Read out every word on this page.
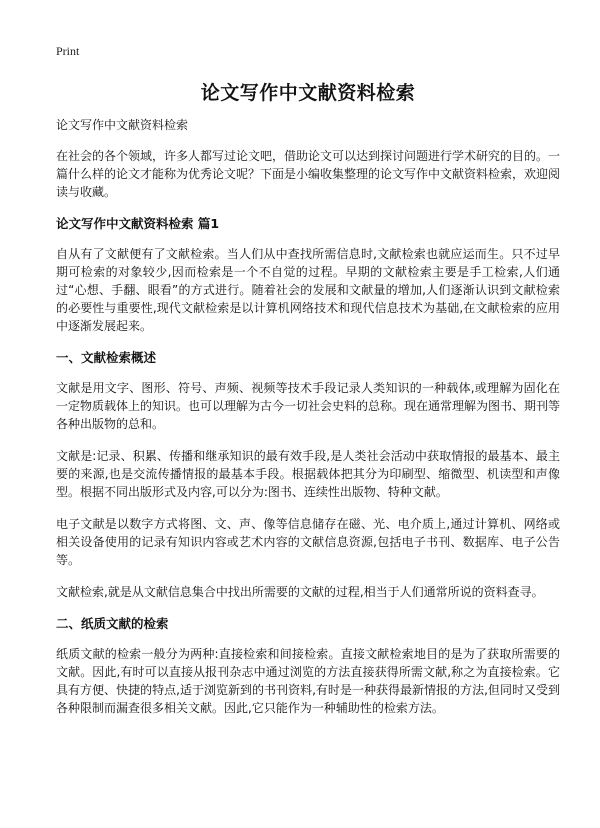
Print
论文写作中文献资料检索
论文写作中文献资料检索
在社会的各个领域，许多人都写过论文吧，借助论文可以达到探讨问题进行学术研究的目的。一篇什么样的论文才能称为优秀论文呢？下面是小编收集整理的论文写作中文献资料检索，欢迎阅读与收藏。
论文写作中文献资料检索 篇1
自从有了文献便有了文献检索。当人们从中查找所需信息时,文献检索也就应运而生。只不过早期可检索的对象较少,因而检索是一个不自觉的过程。早期的文献检索主要是手工检索,人们通过“心想、手翻、眼看”的方式进行。随着社会的发展和文献量的增加,人们逐渐认识到文献检索的必要性与重要性,现代文献检索是以计算机网络技术和现代信息技术为基础,在文献检索的应用中逐渐发展起来。
一、文献检索概述
文献是用文字、图形、符号、声频、视频等技术手段记录人类知识的一种载体,或理解为固化在一定物质载体上的知识。也可以理解为古今一切社会史料的总称。现在通常理解为图书、期刊等各种出版物的总和。
文献是:记录、积累、传播和继承知识的最有效手段,是人类社会活动中获取情报的最基本、最主要的来源,也是交流传播情报的最基本手段。根据载体把其分为印刷型、缩微型、机读型和声像型。根据不同出版形式及内容,可以分为:图书、连续性出版物、特种文献。
电子文献是以数字方式将图、文、声、像等信息储存在磁、光、电介质上,通过计算机、网络或相关设备使用的记录有知识内容或艺术内容的文献信息资源,包括电子书刊、数据库、电子公告等。
文献检索,就是从文献信息集合中找出所需要的文献的过程,相当于人们通常所说的资料查寻。
二、纸质文献的检索
纸质文献的检索一般分为两种:直接检索和间接检索。直接文献检索地目的是为了获取所需要的文献。因此,有时可以直接从报刊杂志中通过浏览的方法直接获得所需文献,称之为直接检索。它具有方便、快捷的特点,适于浏览新到的书刊资料,有时是一种获得最新情报的方法,但同时又受到各种限制而漏查很多相关文献。因此,它只能作为一种辅助性的检索方法。
